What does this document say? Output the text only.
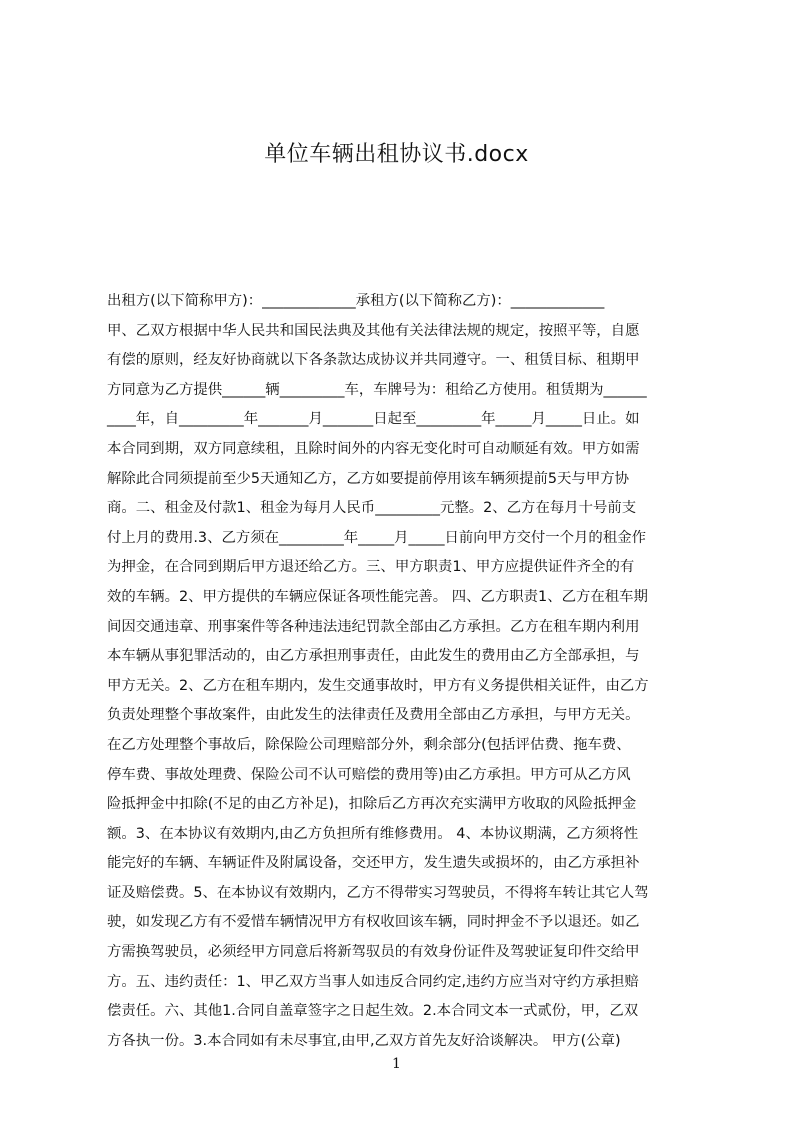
单位车辆出租协议书.docx
出租方(以下简称甲方)：_____________承租方(以下简称乙方)：_____________
甲、乙双方根据中华人民共和国民法典及其他有关法律法规的规定，按照平等，自愿
有偿的原则，经友好协商就以下各条款达成协议并共同遵守。一、租赁目标、租期甲
方同意为乙方提供______辆_________车，车牌号为：租给乙方使用。租赁期为______
____年，自_________年_______月_______日起至_________年_____月_____日止。如
本合同到期，双方同意续租，且除时间外的内容无变化时可自动顺延有效。甲方如需
解除此合同须提前至少5天通知乙方，乙方如要提前停用该车辆须提前5天与甲方协
商。二、租金及付款1、租金为每月人民币_________元整。2、乙方在每月十号前支
付上月的费用.3、乙方须在_________年_____月_____日前向甲方交付一个月的租金作
为押金，在合同到期后甲方退还给乙方。三、甲方职责1、甲方应提供证件齐全的有
效的车辆。2、甲方提供的车辆应保证各项性能完善。 四、乙方职责1、乙方在租车期
间因交通违章、刑事案件等各种违法违纪罚款全部由乙方承担。乙方在租车期内利用
本车辆从事犯罪活动的，由乙方承担刑事责任，由此发生的费用由乙方全部承担，与
甲方无关。2、乙方在租车期内，发生交通事故时，甲方有义务提供相关证件，由乙方
负责处理整个事故案件，由此发生的法律责任及费用全部由乙方承担，与甲方无关。
在乙方处理整个事故后，除保险公司理赔部分外，剩余部分(包括评估费、拖车费、
停车费、事故处理费、保险公司不认可赔偿的费用等)由乙方承担。甲方可从乙方风
险抵押金中扣除(不足的由乙方补足)，扣除后乙方再次充实满甲方收取的风险抵押金
额。3、在本协议有效期内,由乙方负担所有维修费用。 4、本协议期满，乙方须将性
能完好的车辆、车辆证件及附属设备，交还甲方，发生遗失或损坏的，由乙方承担补
证及赔偿费。5、在本协议有效期内，乙方不得带实习驾驶员，不得将车转让其它人驾
驶，如发现乙方有不爱惜车辆情况甲方有权收回该车辆，同时押金不予以退还。如乙
方需换驾驶员，必须经甲方同意后将新驾驭员的有效身份证件及驾驶证复印件交给甲
方。五、违约责任：1、甲乙双方当事人如违反合同约定,违约方应当对守约方承担赔
偿责任。六、其他1.合同自盖章签字之日起生效。2.本合同文本一式贰份，甲，乙双
方各执一份。3.本合同如有未尽事宜,由甲,乙双方首先友好洽谈解决。 甲方(公章)
1
